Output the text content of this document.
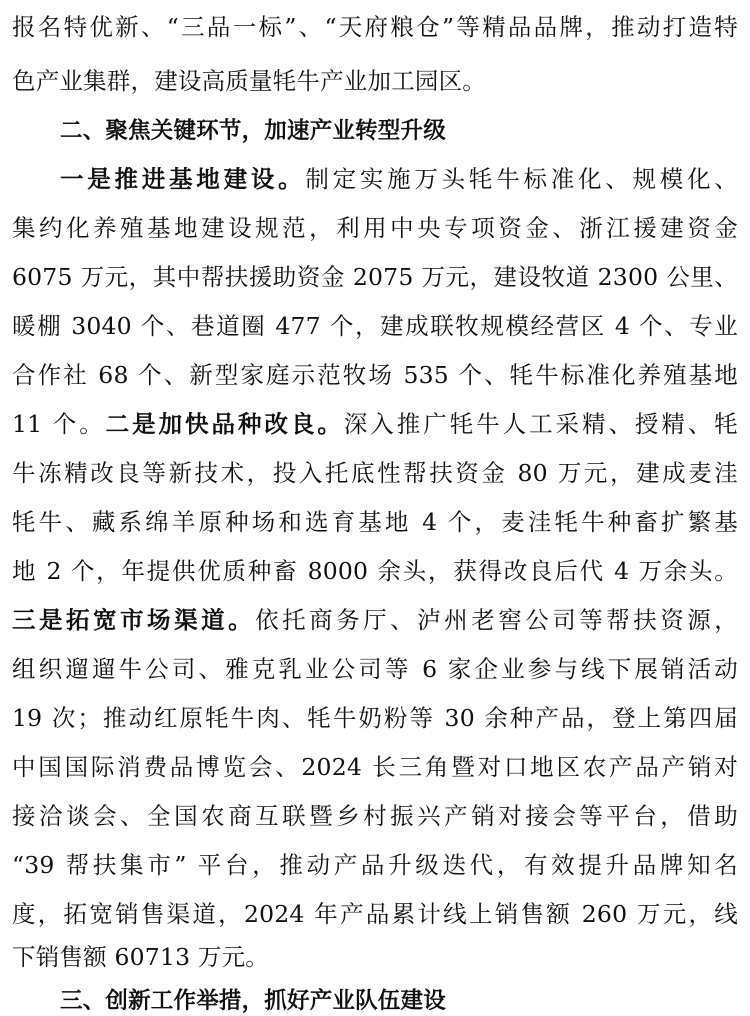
报名特优新、“三品一标”、“天府粮仓”等精品品牌，推动打造特
色产业集群，建设高质量牦牛产业加工园区。
二、聚焦关键环节，加速产业转型升级
一是推进基地建设。制定实施万头牦牛标准化、规模化、
集约化养殖基地建设规范，利用中央专项资金、浙江援建资金
6075 万元，其中帮扶援助资金 2075 万元，建设牧道 2300 公里、
暖棚 3040 个、巷道圈 477 个，建成联牧规模经营区 4 个、专业
合作社 68 个、新型家庭示范牧场 535 个、牦牛标准化养殖基地
11 个。二是加快品种改良。深入推广牦牛人工采精、授精、牦
牛冻精改良等新技术，投入托底性帮扶资金 80 万元，建成麦洼
牦牛、藏系绵羊原种场和选育基地 4 个，麦洼牦牛种畜扩繁基
地 2 个，年提供优质种畜 8000 余头，获得改良后代 4 万余头。
三是拓宽市场渠道。依托商务厅、泸州老窖公司等帮扶资源，
组织遛遛牛公司、雅克乳业公司等 6 家企业参与线下展销活动
19 次；推动红原牦牛肉、牦牛奶粉等 30 余种产品，登上第四届
中国国际消费品博览会、2024 长三角暨对口地区农产品产销对
接洽谈会、全国农商互联暨乡村振兴产销对接会等平台，借助
“39 帮扶集市” 平台，推动产品升级迭代，有效提升品牌知名
度，拓宽销售渠道，2024 年产品累计线上销售额 260 万元，线
下销售额 60713 万元。
三、创新工作举措，抓好产业队伍建设
